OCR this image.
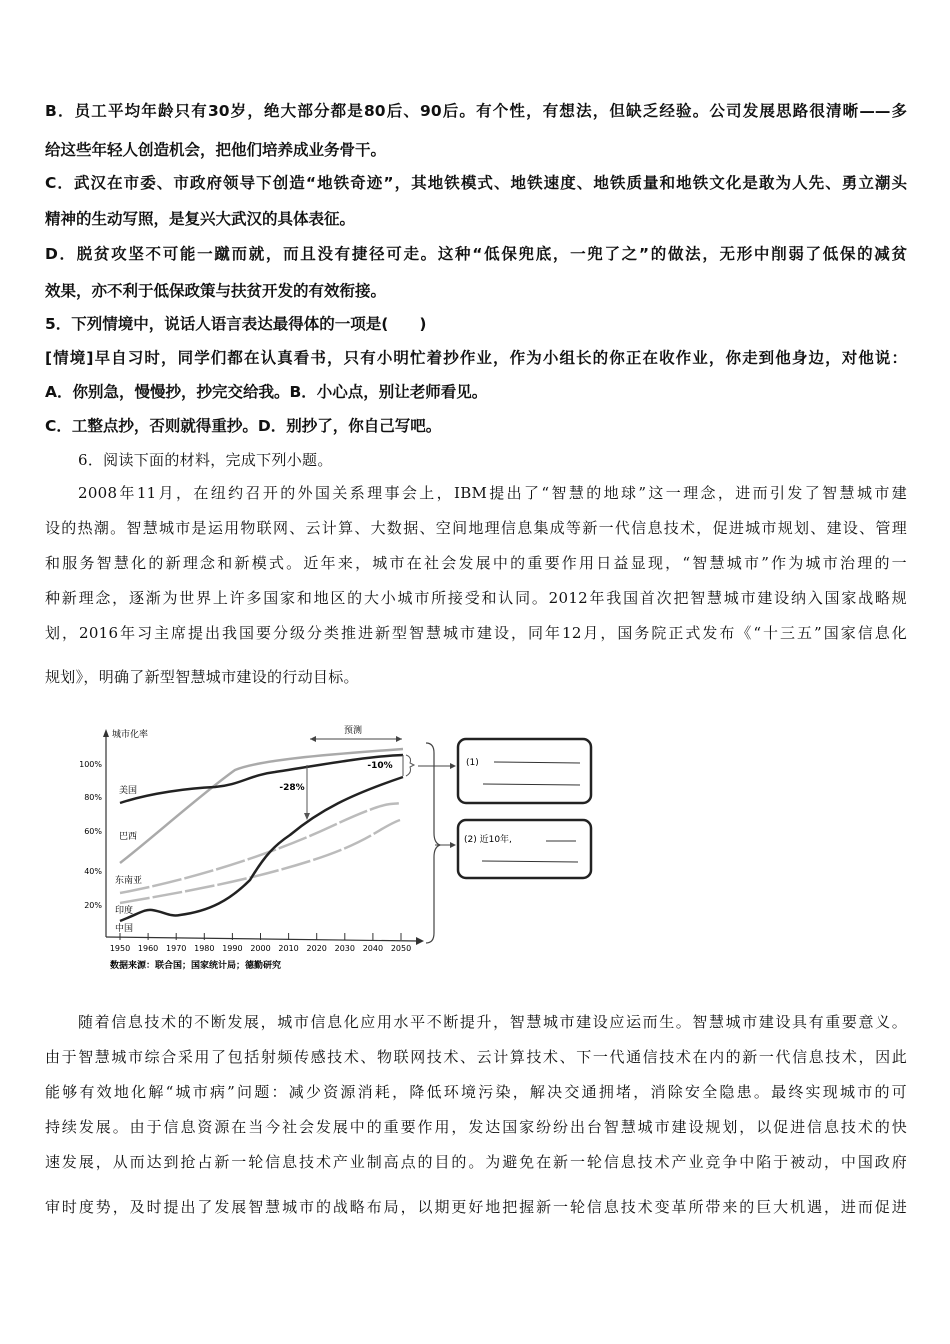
B．员工平均年龄只有30岁，绝大部分都是80后、90后。有个性，有想法，但缺乏经验。公司发展思路很清晰——多
给这些年轻人创造机会，把他们培养成业务骨干。
C．武汉在市委、市政府领导下创造“地铁奇迹”，其地铁模式、地铁速度、地铁质量和地铁文化是敢为人先、勇立潮头
精神的生动写照，是复兴大武汉的具体表征。
D．脱贫攻坚不可能一蹴而就，而且没有捷径可走。这种“低保兜底，一兜了之”的做法，无形中削弱了低保的减贫
效果，亦不利于低保政策与扶贫开发的有效衔接。
5．下列情境中，说话人语言表达最得体的一项是(　　)
[情境]早自习时，同学们都在认真看书，只有小明忙着抄作业，作为小组长的你正在收作业，你走到他身边，对他说：
A．你别急，慢慢抄，抄完交给我。B．小心点，别让老师看见。
C．工整点抄，否则就得重抄。D．别抄了，你自己写吧。
6．阅读下面的材料，完成下列小题。
2008年11月，在纽约召开的外国关系理事会上，IBM提出了“智慧的地球”这一理念，进而引发了智慧城市建
设的热潮。智慧城市是运用物联网、云计算、大数据、空间地理信息集成等新一代信息技术，促进城市规划、建设、管理
和服务智慧化的新理念和新模式。近年来，城市在社会发展中的重要作用日益显现，“智慧城市”作为城市治理的一
种新理念，逐渐为世界上许多国家和地区的大小城市所接受和认同。2012年我国首次把智慧城市建设纳入国家战略规
划，2016年习主席提出我国要分级分类推进新型智慧城市建设，同年12月，国务院正式发布《“十三五”国家信息化
规划》，明确了新型智慧城市建设的行动目标。
城市化率
100%
80%
60%
40%
20%
1950 1960 1970 1980 1990 2000 2010 2020 2030 2040 2050
预测
-28%
-10%
美国
巴西
东南亚
印度
中国
数据来源：联合国；国家统计局；德勤研究
(1)
(2) 近10年,
随着信息技术的不断发展，城市信息化应用水平不断提升，智慧城市建设应运而生。智慧城市建设具有重要意义。
由于智慧城市综合采用了包括射频传感技术、物联网技术、云计算技术、下一代通信技术在内的新一代信息技术，因此
能够有效地化解“城市病”问题：减少资源消耗，降低环境污染，解决交通拥堵，消除安全隐患。最终实现城市的可
持续发展。由于信息资源在当今社会发展中的重要作用，发达国家纷纷出台智慧城市建设规划，以促进信息技术的快
速发展，从而达到抢占新一轮信息技术产业制高点的目的。为避免在新一轮信息技术产业竞争中陷于被动，中国政府
审时度势，及时提出了发展智慧城市的战略布局，以期更好地把握新一轮信息技术变革所带来的巨大机遇，进而促进
